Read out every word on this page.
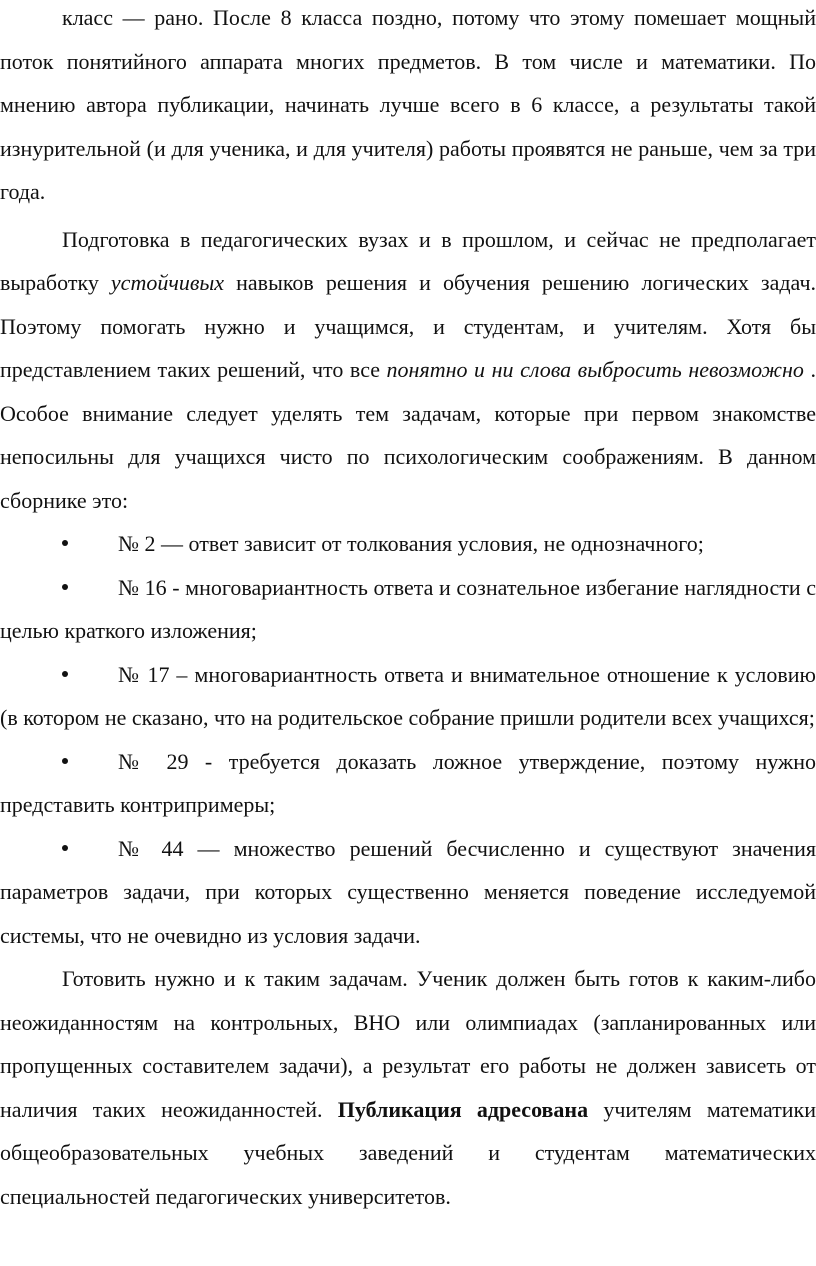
класс — рано. После 8 класса поздно, потому что этому помешает мощный поток понятийного аппарата многих предметов. В том числе и математики. По мнению автора публикации, начинать лучше всего в 6 классе, а результаты такой изнурительной (и для ученика, и для учителя) работы проявятся не раньше, чем за три года.

Подготовка в педагогических вузах и в прошлом, и сейчас не предполагает выработку устойчивых навыков решения и обучения решению логических задач. Поэтому помогать нужно и учащимся, и студентам, и учителям. Хотя бы представлением таких решений, что все понятно и ни слова выбросить невозможно . Особое внимание следует уделять тем задачам, которые при первом знакомстве непосильны для учащихся чисто по психологическим соображениям. В данном сборнике это:

№ 2 — ответ зависит от толкования условия, не однозначного;

№ 16 - многовариантность ответа и сознательное избегание наглядности с целью краткого изложения;

№ 17 – многовариантность ответа и внимательное отношение к условию (в котором не сказано, что на родительское собрание пришли родители всех учащихся;

№ 29 - требуется доказать ложное утверждение, поэтому нужно представить контрипримеры;

№ 44 — множество решений бесчисленно и существуют значения параметров задачи, при которых существенно меняется поведение исследуемой системы, что не очевидно из условия задачи.

Готовить нужно и к таким задачам. Ученик должен быть готов к каким-либо неожиданностям на контрольных, ВНО или олимпиадах (запланированных или пропущенных составителем задачи), а результат его работы не должен зависеть от наличия таких неожиданностей. Публикация адресована учителям математики общеобразовательных учебных заведений и студентам математических специальностей педагогических университетов.
